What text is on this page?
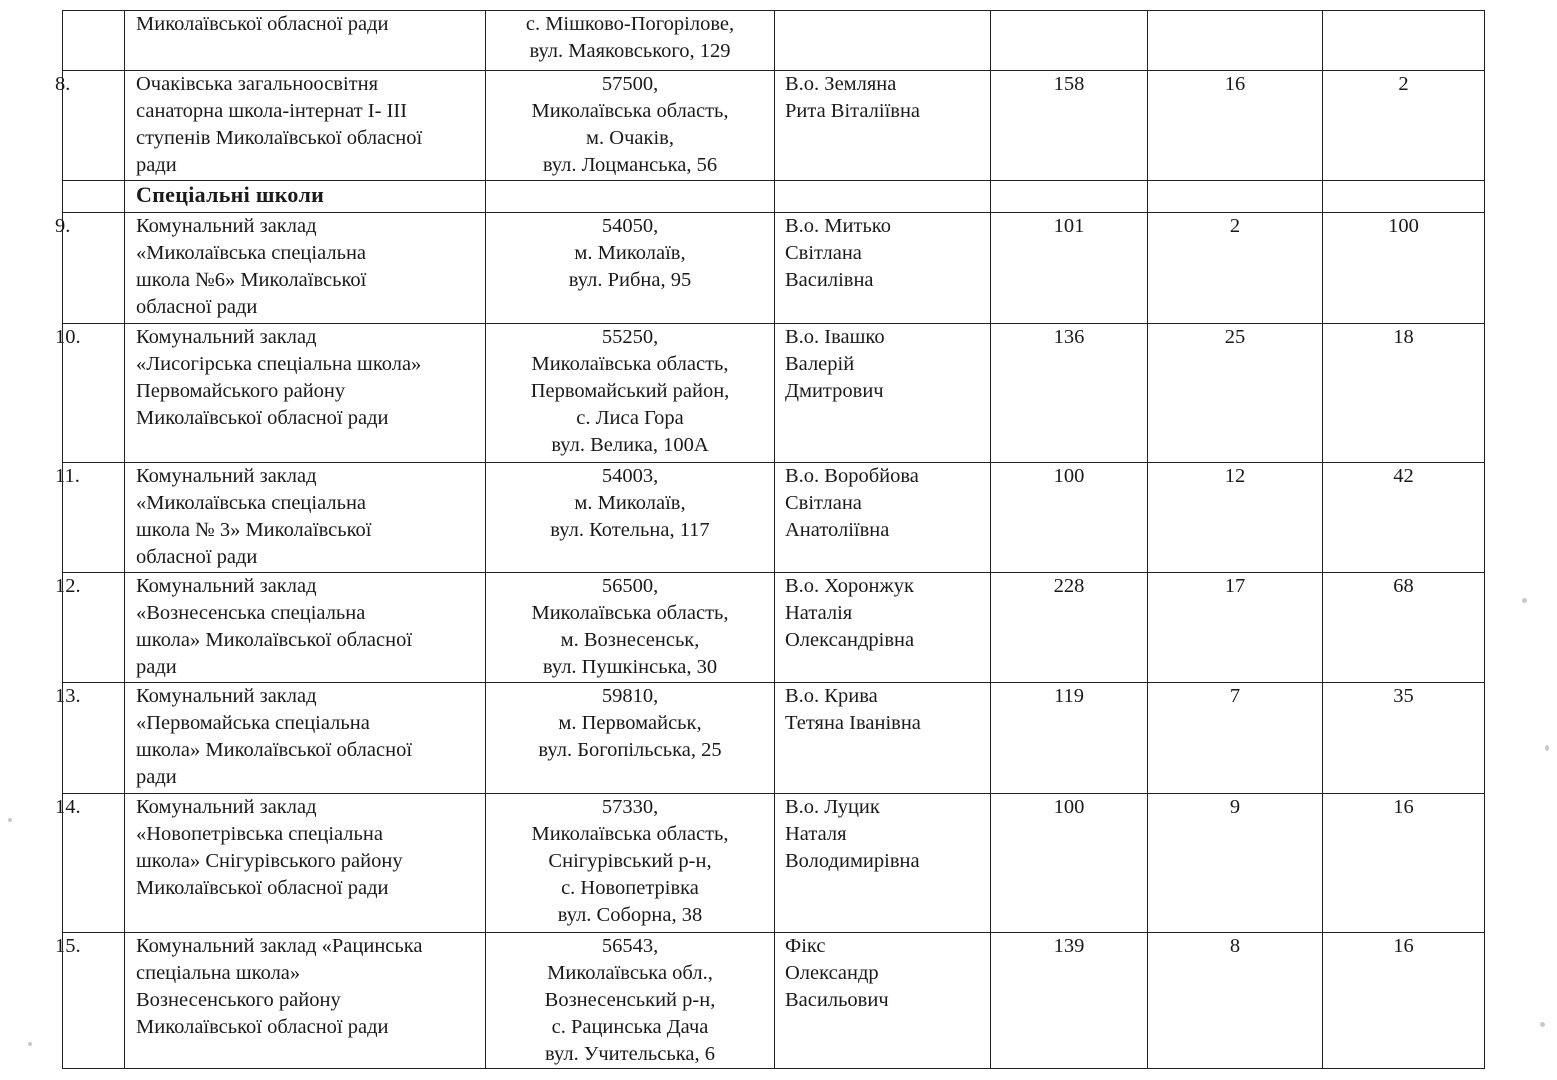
	Миколаївської обласної ради	с. Мішково-Погорілове,
вул. Маяковського, 129				

8.	Очаківська загальноосвітня
санаторна школа-інтернат І- ІІІ
ступенів Миколаївської обласної
ради	57500,
Миколаївська область,
м. Очаків,
вул. Лоцманська, 56	В.о. Земляна
Рита Віталіївна	158	16	2

	Спеціальні школи					

9.	Комунальний заклад
«Миколаївська спеціальна
школа №6» Миколаївської
обласної ради	54050,
м. Миколаїв,
вул. Рибна, 95	В.о. Митько
Світлана
Василівна	101	2	100
10.	Комунальний заклад
«Лисогірська спеціальна школа»
Первомайського району
Миколаївської обласної ради	55250,
Миколаївська область,
Первомайський район,
с. Лиса Гора
вул. Велика, 100А	В.о. Івашко
Валерій
Дмитрович	136	25	18
11.	Комунальний заклад
«Миколаївська спеціальна
школа № 3» Миколаївської
обласної ради	54003,
м. Миколаїв,
вул. Котельна, 117	В.о. Воробйова
Світлана
Анатоліївна	100	12	42
12.	Комунальний заклад
«Вознесенська спеціальна
школа» Миколаївської обласної
ради	56500,
Миколаївська область,
м. Вознесенськ,
вул. Пушкінська, 30	В.о. Хоронжук
Наталія
Олександрівна	228	17	68
13.	Комунальний заклад
«Первомайська спеціальна
школа» Миколаївської обласної
ради	59810,
м. Первомайськ,
вул. Богопільська, 25	В.о. Крива
Тетяна Іванівна	119	7	35
14.	Комунальний заклад
«Новопетрівська спеціальна
школа» Снігурівського району
Миколаївської обласної ради	57330,
Миколаївська область,
Снігурівський р-н,
с. Новопетрівка
вул. Соборна, 38	В.о. Луцик
Наталя
Володимирівна	100	9	16
15.	Комунальний заклад «Рацинська
спеціальна школа»
Вознесенського району
Миколаївської обласної ради	56543,
Миколаївська обл.,
Вознесенський р-н,
с. Рацинська Дача
вул. Учительська, 6	Фікс
Олександр
Васильович	139	8	16
